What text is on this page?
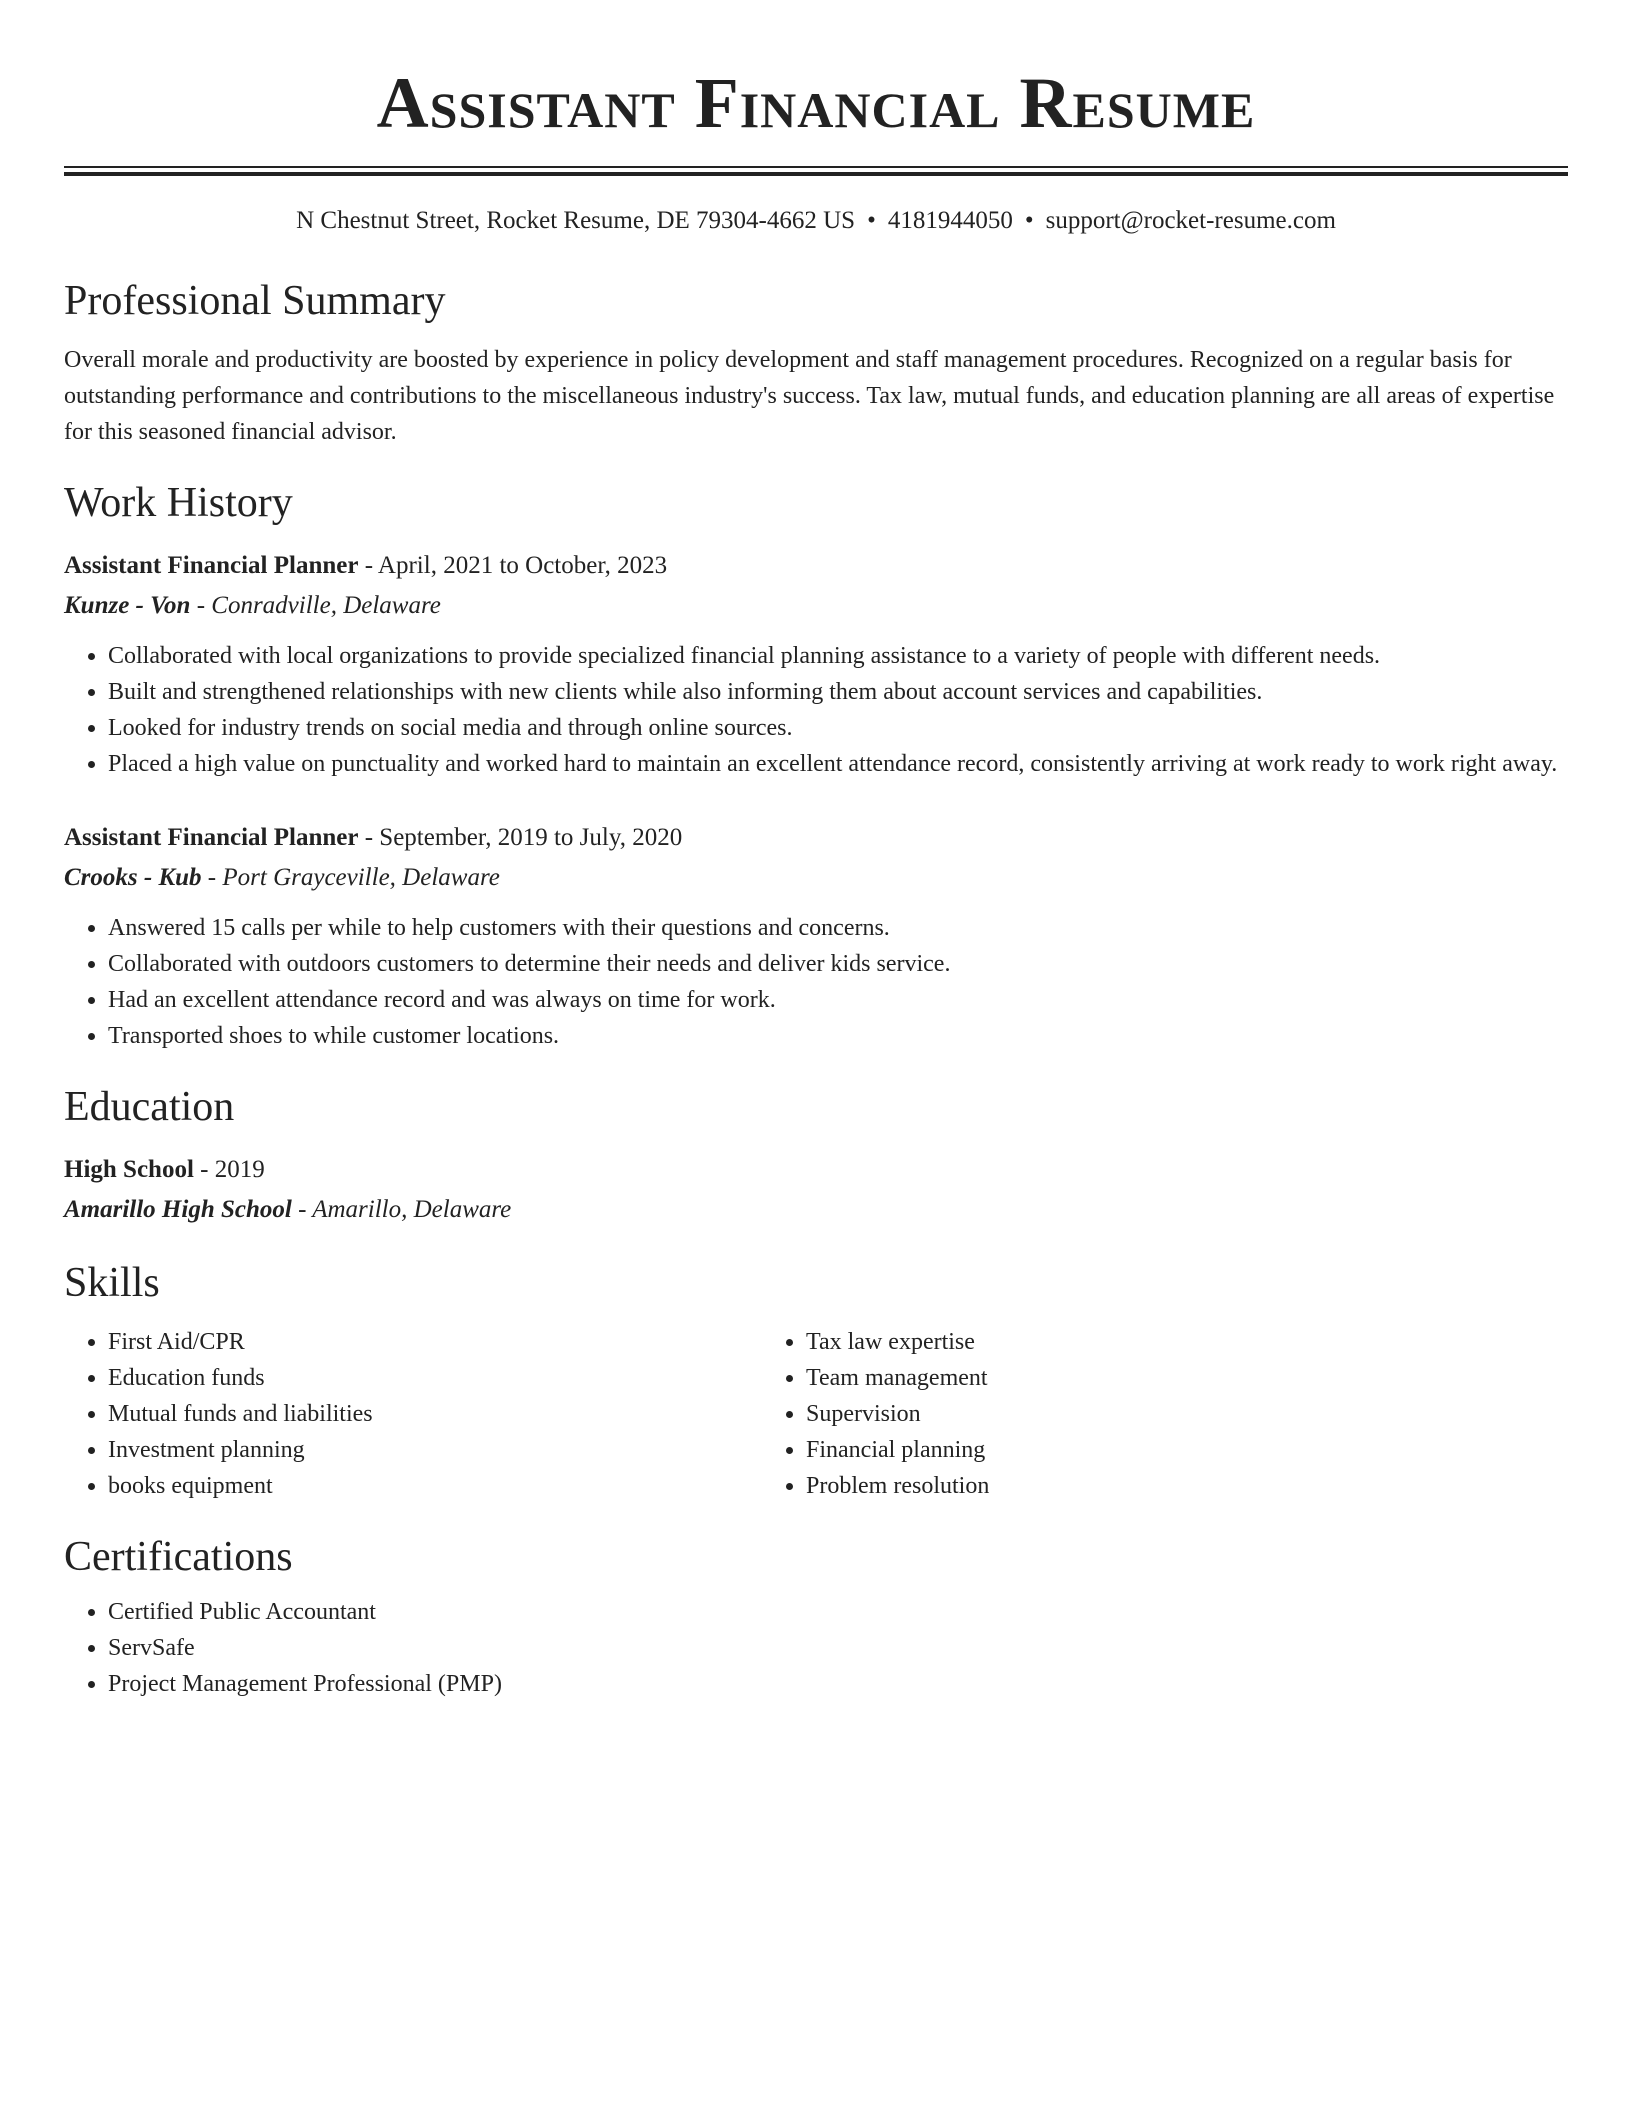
Assistant Financial Resume
N Chestnut Street, Rocket Resume, DE 79304-4662 US • 4181944050 • support@rocket-resume.com
Professional Summary

Overall morale and productivity are boosted by experience in policy development and staff management procedures. Recognized on a regular basis for outstanding performance and contributions to the miscellaneous industry's success. Tax law, mutual funds, and education planning are all areas of expertise for this seasoned financial advisor.

Work History
Assistant Financial Planner - April, 2021 to October, 2023
Kunze - Von - Conradville, Delaware
• Collaborated with local organizations to provide specialized financial planning assistance to a variety of people with different needs.
• Built and strengthened relationships with new clients while also informing them about account services and capabilities.
• Looked for industry trends on social media and through online sources.
• Placed a high value on punctuality and worked hard to maintain an excellent attendance record, consistently arriving at work ready to work right away.
Assistant Financial Planner - September, 2019 to July, 2020
Crooks - Kub - Port Grayceville, Delaware
• Answered 15 calls per while to help customers with their questions and concerns.
• Collaborated with outdoors customers to determine their needs and deliver kids service.
• Had an excellent attendance record and was always on time for work.
• Transported shoes to while customer locations.
Education
High School - 2019
Amarillo High School - Amarillo, Delaware
Skills
• First Aid/CPR
• Education funds
• Mutual funds and liabilities
• Investment planning
• books equipment
• Tax law expertise
• Team management
• Supervision
• Financial planning
• Problem resolution
Certifications
• Certified Public Accountant
• ServSafe
• Project Management Professional (PMP)
